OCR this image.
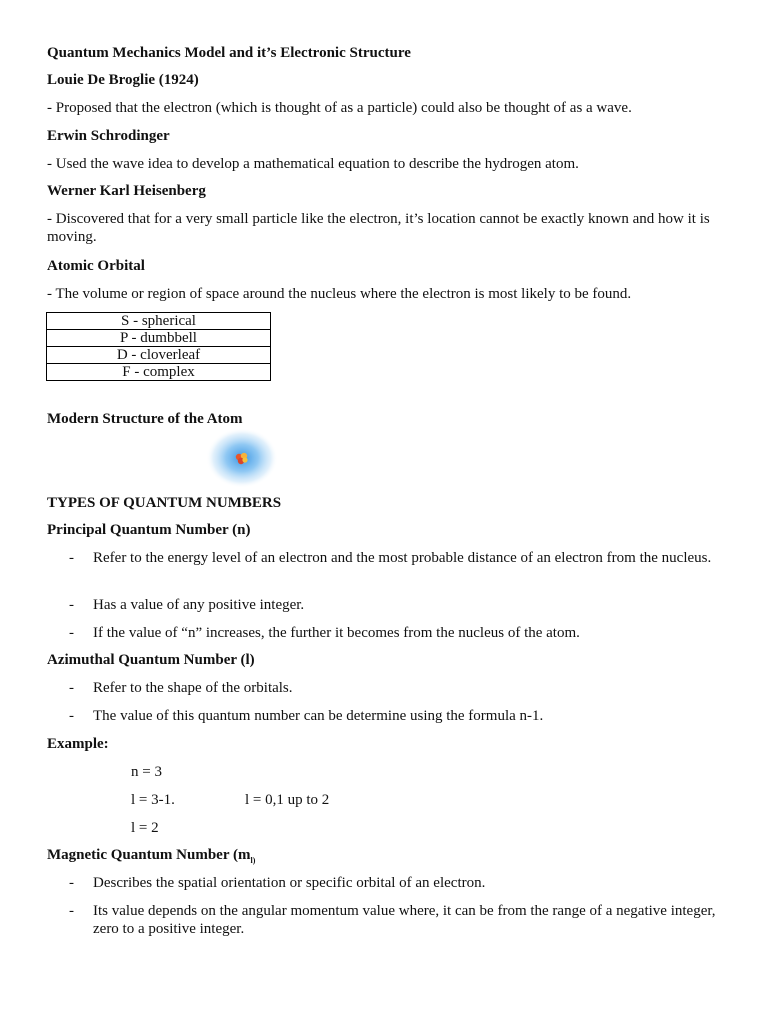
Quantum Mechanics Model and it’s Electronic Structure
Louie De Broglie (1924)
- Proposed that the electron (which is thought of as a particle) could also be thought of as a wave.
Erwin Schrodinger
- Used the wave idea to develop a mathematical equation to describe the hydrogen atom.
Werner Karl Heisenberg
- Discovered that for a very small particle like the electron, it’s location cannot be exactly known and how it is moving.
Atomic Orbital
- The volume or region of space around the nucleus where the electron is most likely to be found.
S - spherical
P - dumbbell
D - cloverleaf
F - complex
Modern Structure of the Atom
TYPES OF QUANTUM NUMBERS
Principal Quantum Number (n)
- Refer to the energy level of an electron and the most probable distance of an electron from the nucleus.
- Has a value of any positive integer.
- If the value of “n” increases, the further it becomes from the nucleus of the atom.
Azimuthal Quantum Number (l)
- Refer to the shape of the orbitals.
- The value of this quantum number can be determine using the formula n-1.
Example:
n = 3
l = 3-1.	l = 0,1 up to 2
l = 2
Magnetic Quantum Number ($m_{l)}$
- Describes the spatial orientation or specific orbital of an electron.
- Its value depends on the angular momentum value where, it can be from the range of a negative integer, zero to a positive integer.
